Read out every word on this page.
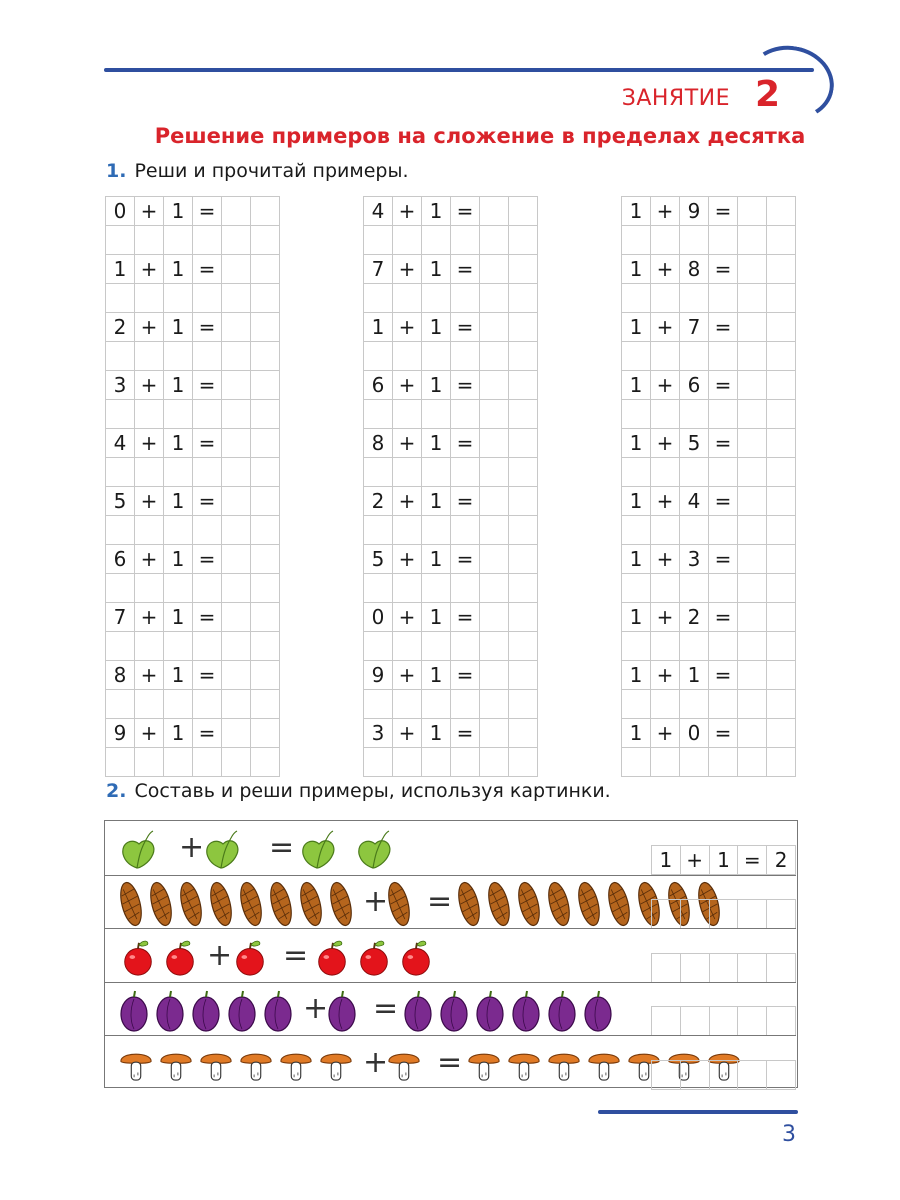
ЗАНЯТИЕ 2
Решение примеров на сложение в пределах десятка
1. Реши и прочитай примеры.
0	+	1	=		

1	+	1	=		

2	+	1	=		

3	+	1	=		

4	+	1	=		

5	+	1	=		

6	+	1	=		

7	+	1	=		

8	+	1	=		

9	+	1	=		

4	+	1	=		

7	+	1	=		

1	+	1	=		

6	+	1	=		

8	+	1	=		

2	+	1	=		

5	+	1	=		

0	+	1	=		

9	+	1	=		

3	+	1	=		

1	+	9	=		

1	+	8	=		

1	+	7	=		

1	+	6	=		

1	+	5	=		

1	+	4	=		

1	+	3	=		

1	+	2	=		

1	+	1	=		

1	+	0	=		

2. Составь и реши примеры, используя картинки.
+ =	1	+	1	=	2
+ =

+ =

+ =

+ =

3
